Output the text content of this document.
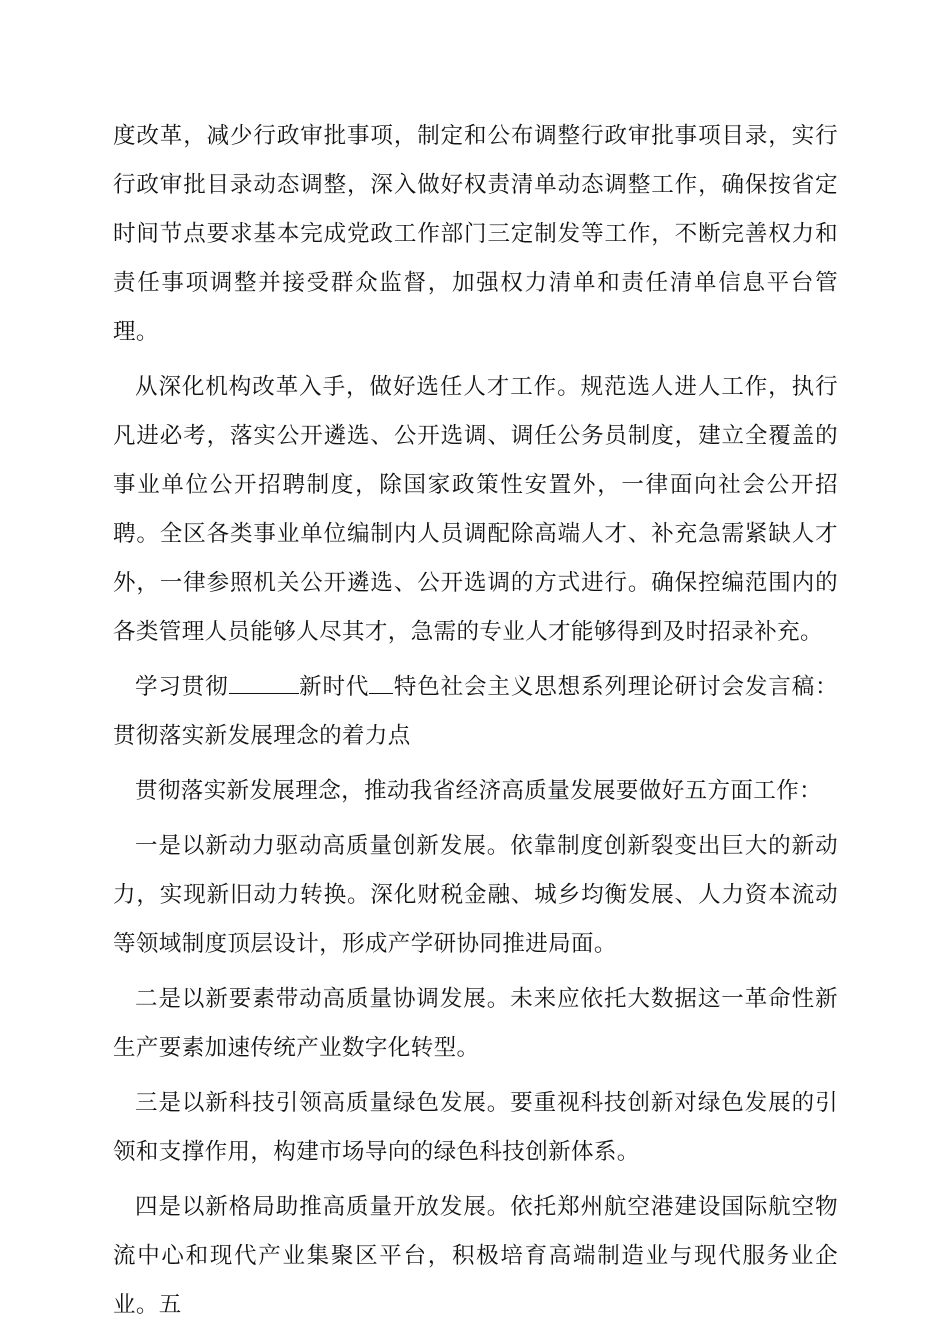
度改革，减少行政审批事项，制定和公布调整行政审批事项目录，实行行政审批目录动态调整，深入做好权责清单动态调整工作，确保按省定时间节点要求基本完成党政工作部门三定制发等工作，不断完善权力和责任事项调整并接受群众监督，加强权力清单和责任清单信息平台管理。

从深化机构改革入手，做好选任人才工作。规范选人进人工作，执行凡进必考，落实公开遴选、公开选调、调任公务员制度，建立全覆盖的事业单位公开招聘制度，除国家政策性安置外，一律面向社会公开招聘。全区各类事业单位编制内人员调配除高端人才、补充急需紧缺人才外，一律参照机关公开遴选、公开选调的方式进行。确保控编范围内的各类管理人员能够人尽其才，急需的专业人才能够得到及时招录补充。

学习贯彻	新时代 特色社会主义思想系列理论研讨会发言稿：贯彻落实新发展理念的着力点

贯彻落实新发展理念，推动我省经济高质量发展要做好五方面工作：

一是以新动力驱动高质量创新发展。依靠制度创新裂变出巨大的新动力，实现新旧动力转换。深化财税金融、城乡均衡发展、人力资本流动等领域制度顶层设计，形成产学研协同推进局面。

二是以新要素带动高质量协调发展。未来应依托大数据这一革命性新生产要素加速传统产业数字化转型。

三是以新科技引领高质量绿色发展。要重视科技创新对绿色发展的引领和支撑作用，构建市场导向的绿色科技创新体系。

四是以新格局助推高质量开放发展。依托郑州航空港建设国际航空物流中心和现代产业集聚区平台，积极培育高端制造业与现代服务业企业。五
